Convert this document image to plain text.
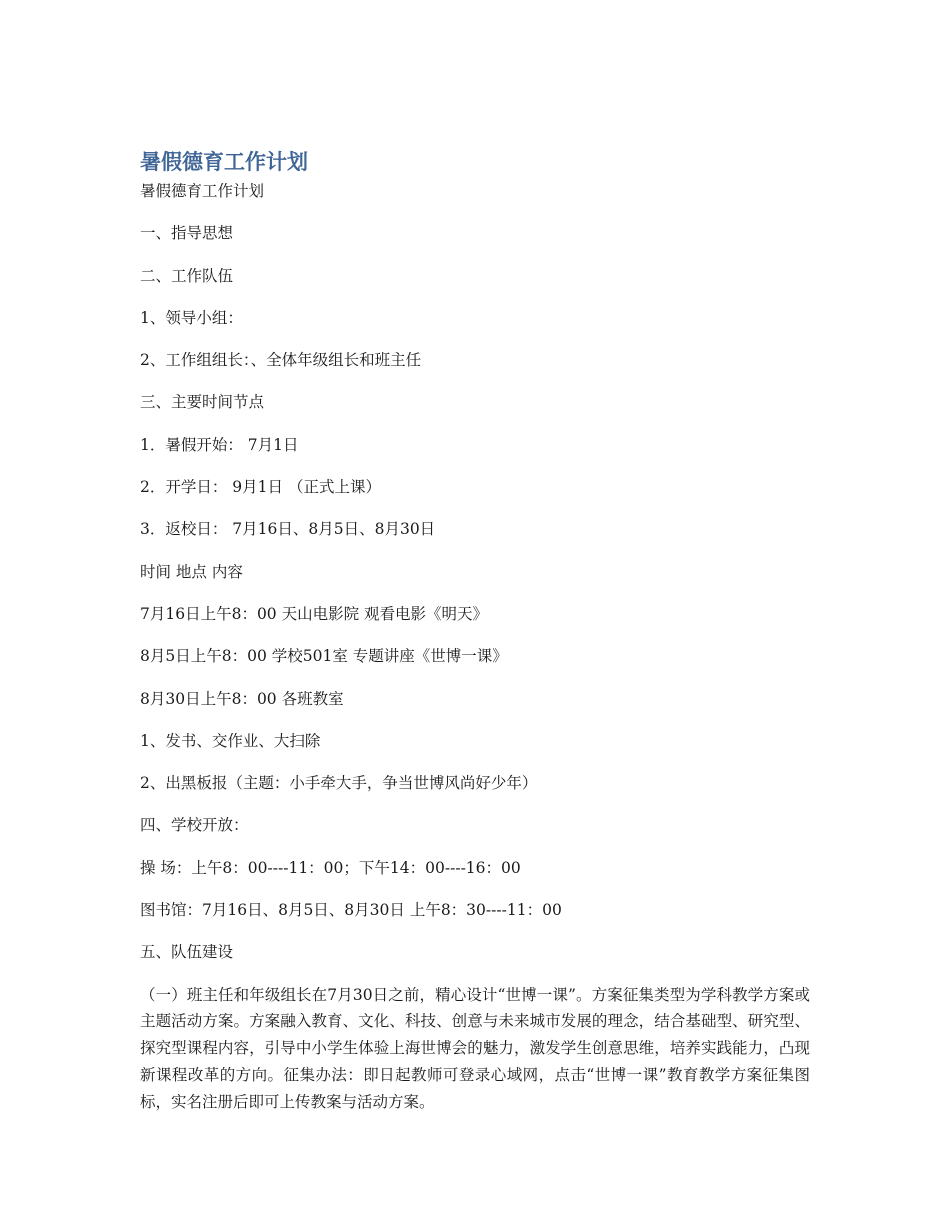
暑假德育工作计划
暑假德育工作计划
一、指导思想
二、工作队伍
1、领导小组：
2、工作组组长：、全体年级组长和班主任
三、主要时间节点
1．暑假开始： 7月1日
2．开学日： 9月1日 （正式上课）
3．返校日： 7月16日、8月5日、8月30日
时间 地点 内容
7月16日上午8：00 天山电影院 观看电影《明天》
8月5日上午8：00 学校501室 专题讲座《世博一课》
8月30日上午8：00 各班教室
1、发书、交作业、大扫除
2、出黑板报（主题：小手牵大手，争当世博风尚好少年）
四、学校开放：
操 场：上午8：00----11：00；下午14：00----16：00
图书馆：7月16日、8月5日、8月30日 上午8：30----11：00
五、队伍建设
（一）班主任和年级组长在7月30日之前，精心设计“世博一课”。方案征集类型为学科教学方案或主题活动方案。方案融入教育、文化、科技、创意与未来城市发展的理念，结合基础型、研究型、探究型课程内容，引导中小学生体验上海世博会的魅力，激发学生创意思维，培养实践能力，凸现新课程改革的方向。征集办法：即日起教师可登录心域网，点击“世博一课”教育教学方案征集图标，实名注册后即可上传教案与活动方案。
